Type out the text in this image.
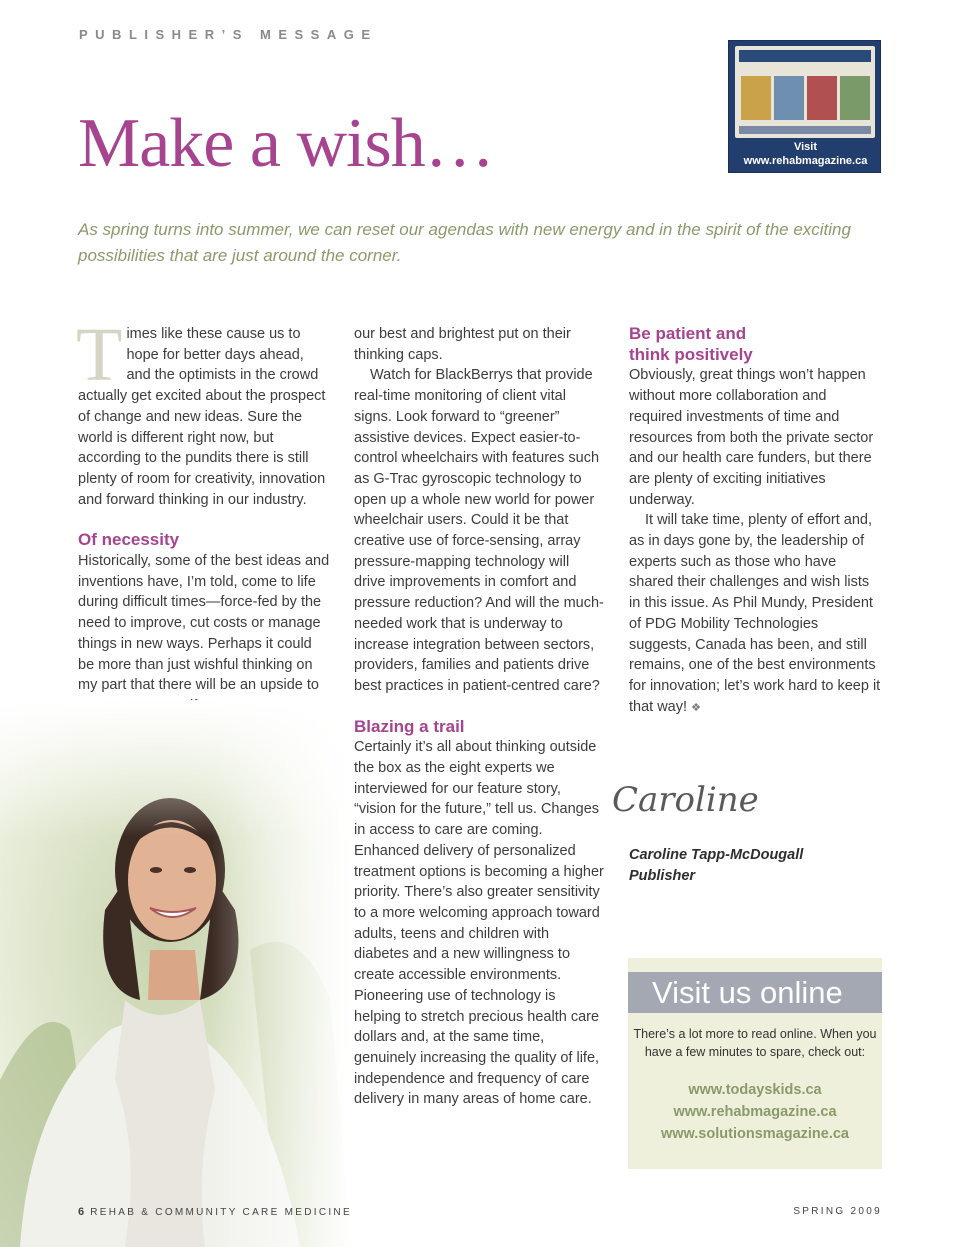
PUBLISHER’S MESSAGE
Make a wish…	Visit
www.rehabmagazine.ca

As spring turns into summer, we can reset our agendas with new energy and in the spirit of the exciting possibilities that are just around the corner.

T imes like these cause us to hope for better days ahead, and the optimists in the crowd actually get excited about the prospect of change and new ideas. Sure the world is different right now, but according to the pundits there is still plenty of room for creativity, innovation and forward thinking in our industry.

Of necessity

Historically, some of the best ideas and inventions have, I’m told, come to life during difficult times—force-fed by the need to improve, cut costs or manage things in new ways. Perhaps it could be more than just wishful thinking on my part that there will be an upside to

our best and brightest put on their thinking caps.

Watch for BlackBerrys that provide real-time monitoring of client vital signs. Look forward to “greener” assistive devices. Expect easier-to-control wheelchairs with features such as G-Trac gyroscopic technology to open up a whole new world for power wheelchair users. Could it be that creative use of force-sensing, array pressure-mapping technology will drive improvements in comfort and pressure reduction? And will the much-needed work that is underway to increase integration between sectors, providers, families and patients drive best practices in patient-centred care?

Blazing a trail

Certainly it’s all about thinking outside the box as the eight experts we interviewed for our feature story, “vision for the future,” tell us. Changes in access to care are coming. Enhanced delivery of personalized treatment options is becoming a higher priority. There’s also greater sensitivity to a more welcoming approach toward adults, teens and children with diabetes and a new willingness to create accessible environments. Pioneering use of technology is helping to stretch precious health care dollars and, at the same time, genuinely increasing the quality of life, independence and frequency of care delivery in many areas of home care.

Be patient and think positively

Obviously, great things won’t happen without more collaboration and required investments of time and resources from both the private sector and our health care funders, but there are plenty of exciting initiatives underway.

It will take time, plenty of effort and, as in days gone by, the leadership of experts such as those who have shared their challenges and wish lists in this issue. As Phil Mundy, President of PDG Mobility Technologies suggests, Canada has been, and still remains, one of the best environments for innovation; let’s work hard to keep it that way! ❖

Caroline
Caroline Tapp-McDougall
Publisher
Visit us online
There’s a lot more to read online. When you have a few minutes to spare, check out:
www.todayskids.ca
www.rehabmagazine.ca
www.solutionsmagazine.ca
6 REHAB & COMMUNITY CARE MEDICINE	SPRING 2009
